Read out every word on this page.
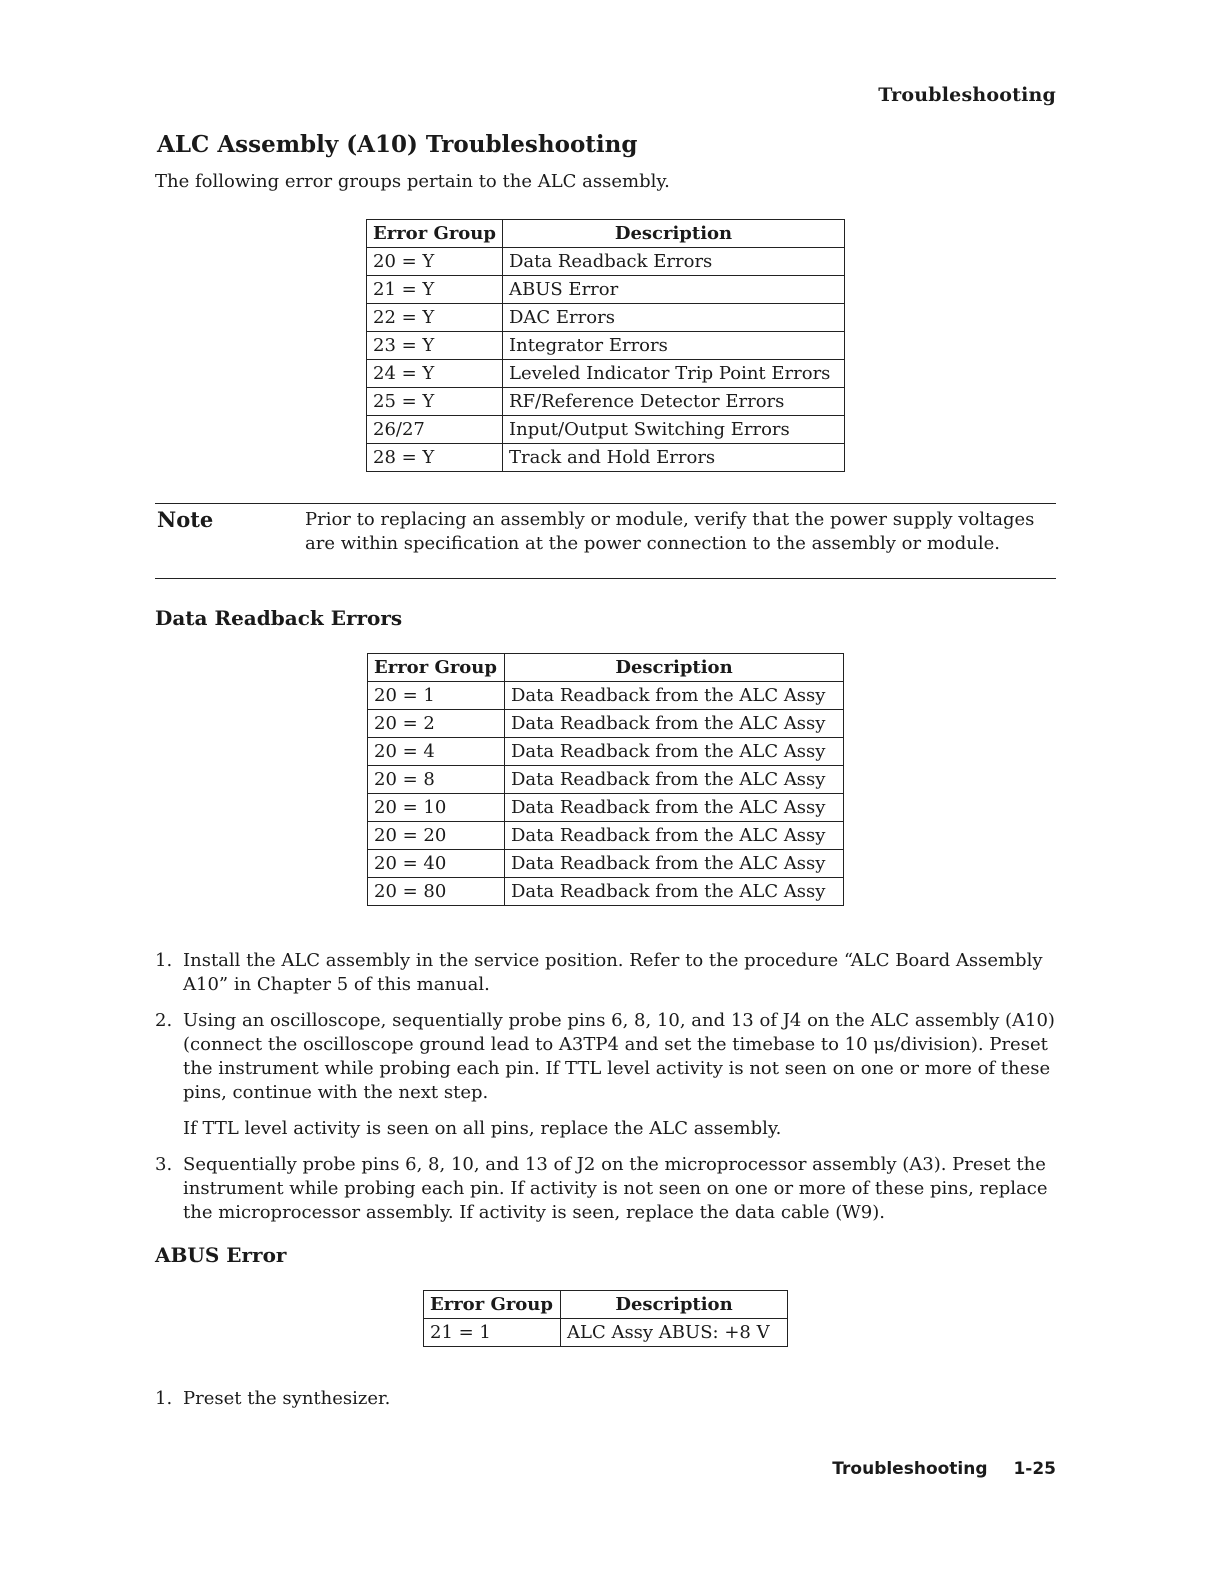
Troubleshooting
ALC Assembly (A10) Troubleshooting

The following error groups pertain to the ALC assembly.

Error Group	Description
20 = Y	Data Readback Errors
21 = Y	ABUS Error
22 = Y	DAC Errors
23 = Y	Integrator Errors
24 = Y	Leveled Indicator Trip Point Errors
25 = Y	RF/Reference Detector Errors
26/27	Input/Output Switching Errors
28 = Y	Track and Hold Errors
Note	Prior to replacing an assembly or module, verify that the power supply voltages are within specification at the power connection to the assembly or module.

Data Readback Errors
Error Group	Description
20 = 1	Data Readback from the ALC Assy
20 = 2	Data Readback from the ALC Assy
20 = 4	Data Readback from the ALC Assy
20 = 8	Data Readback from the ALC Assy
20 = 10	Data Readback from the ALC Assy
20 = 20	Data Readback from the ALC Assy
20 = 40	Data Readback from the ALC Assy
20 = 80	Data Readback from the ALC Assy
1. Install the ALC assembly in the service position. Refer to the procedure “ALC Board Assembly A10” in Chapter 5 of this manual.

2. Using an oscilloscope, sequentially probe pins 6, 8, 10, and 13 of J4 on the ALC assembly (A10) (connect the oscilloscope ground lead to A3TP4 and set the timebase to 10 μs/division). Preset the instrument while probing each pin. If TTL level activity is not seen on one or more of these pins, continue with the next step.

If TTL level activity is seen on all pins, replace the ALC assembly.

3. Sequentially probe pins 6, 8, 10, and 13 of J2 on the microprocessor assembly (A3). Preset the instrument while probing each pin. If activity is not seen on one or more of these pins, replace the microprocessor assembly. If activity is seen, replace the data cable (W9).

ABUS Error
Error Group	Description
21 = 1	ALC Assy ABUS: +8 V
1. Preset the synthesizer.

Troubleshooting 1-25
